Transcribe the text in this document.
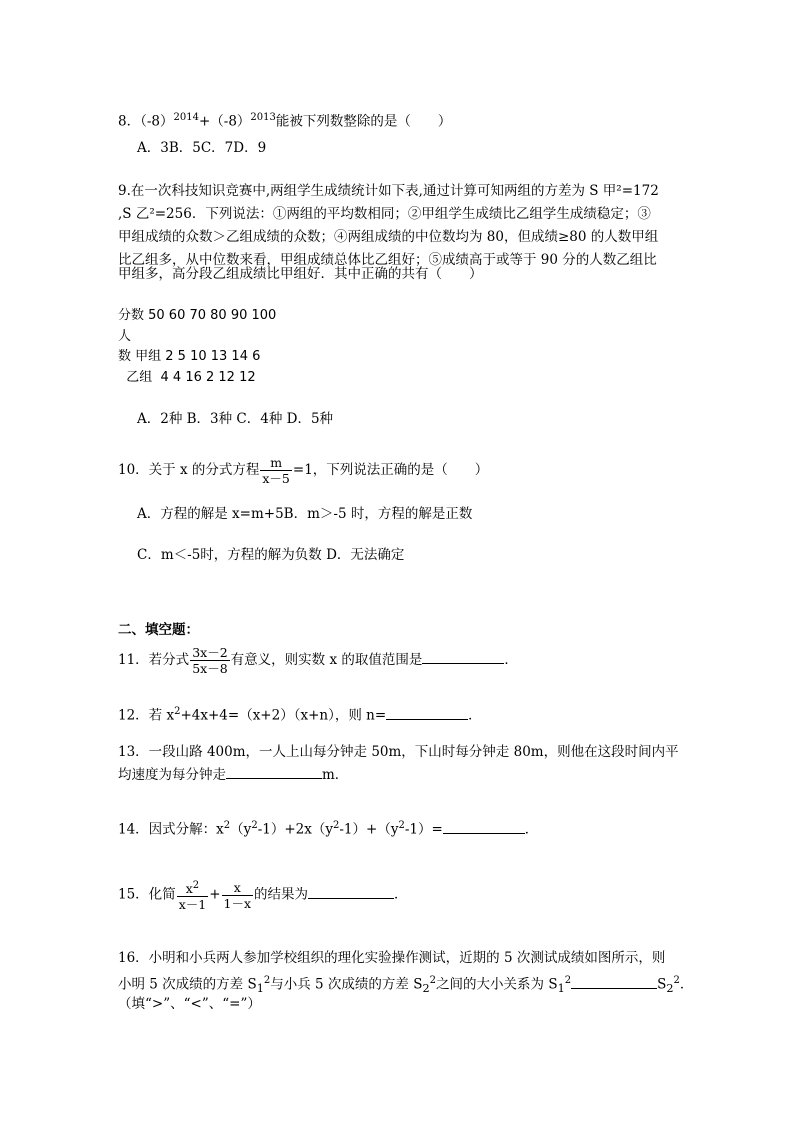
8．$(-8)^{2014}+(-8)^{2013}$能被下列数整除的是（　　）
A．3B．5C．7D．9
9.在一次科技知识竞赛中,两组学生成绩统计如下表,通过计算可知两组的方差为 S 甲²=172
,S 乙²=256．下列说法：①两组的平均数相同；②甲组学生成绩比乙组学生成绩稳定；③
甲组成绩的众数＞乙组成绩的众数；④两组成绩的中位数均为 80，但成绩≥80 的人数甲组
比乙组多，从中位数来看，甲组成绩总体比乙组好；⑤成绩高于或等于 90 分的人数乙组比
甲组多，高分段乙组成绩比甲组好．其中正确的共有（　　）
分数 50 60 70 80 90 100
人
数 甲组 2 5 10 13 14 6
乙组  4 4 16 2 12 12
A．2种 B．3种 C．4种 D．5种
10．关于 x 的分式方程 $\frac{m}{x-5} =1$，下列说法正确的是（　　）
A．方程的解是 x=m+5B．m＞-5 时，方程的解是正数
C．m＜-5时，方程的解为负数 D．无法确定
二、填空题：
11．若分式 $\frac{3x-2}{5x-8}$ 有意义，则实数 x 的取值范围是	．
12．若 $x^2+4x+4=(x+2)(x+n)$，则 n=	．
13．一段山路 400m，一人上山每分钟走 50m，下山时每分钟走 80m，则他在这段时间内平
均速度为每分钟走	m．
14．因式分解：$x^2(y^2-1)+2x(y^2-1)+(y^2-1)=$	．
15．化简 $\frac{x^2}{x-1} + \frac{x}{1-x}$ 的结果为	．
16．小明和小兵两人参加学校组织的理化实验操作测试，近期的 5 次测试成绩如图所示，则
小明 5 次成绩的方差 $S_1^2$与小兵 5 次成绩的方差 $S_2^2$之间的大小关系为 $S_1^2$	$S_2^2$．
（填“>”、“<”、“=”）
